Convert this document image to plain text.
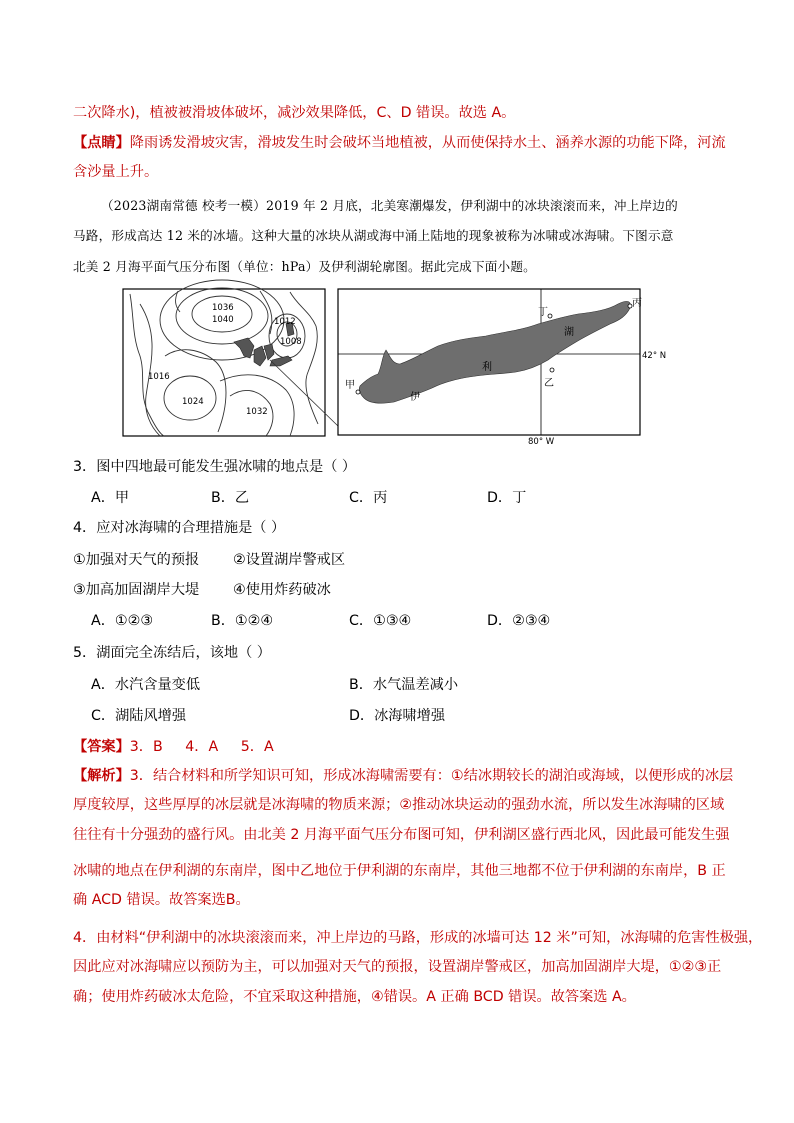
二次降水)，植被被滑坡体破坏，减沙效果降低，C、D 错误。故选 A。
【点睛】降雨诱发滑坡灾害，滑坡发生时会破坏当地植被，从而使保持水土、涵养水源的功能下降，河流
含沙量上升。
（2023湖南常德 校考一模）2019 年 2 月底，北美寒潮爆发，伊利湖中的冰块滚滚而来，冲上岸边的
马路，形成高达 12 米的冰墙。这种大量的冰块从湖或海中涌上陆地的现象被称为冰啸或冰海啸。下图示意
北美 2 月海平面气压分布图（单位：hPa）及伊利湖轮廓图。据此完成下面小题。
1036
1040	1012
1008
1016
1024
1032
甲	乙
丙
丁
湖
利
伊
42° N
80° W
3．图中四地最可能发生强冰啸的地点是（ ）
A．甲	B．乙	C．丙	D．丁
4．应对冰海啸的合理措施是（ ）
①加强对天气的预报 ②设置湖岸警戒区
③加高加固湖岸大堤 ④使用炸药破冰
A．①②③	B．①②④	C．①③④	D．②③④
5．湖面完全冻结后，该地（ ）
A．水汽含量变低	B．水气温差减小
C．湖陆风增强	D．冰海啸增强
【答案】3．B     4．A     5．A
【解析】3．结合材料和所学知识可知，形成冰海啸需要有：①结冰期较长的湖泊或海域，以便形成的冰层
厚度较厚，这些厚厚的冰层就是冰海啸的物质来源；②推动冰块运动的强劲水流，所以发生冰海啸的区域
往往有十分强劲的盛行风。由北美 2 月海平面气压分布图可知，伊利湖区盛行西北风，因此最可能发生强
冰啸的地点在伊利湖的东南岸，图中乙地位于伊利湖的东南岸，其他三地都不位于伊利湖的东南岸，B 正
确 ACD 错误。故答案选B。
4．由材料“伊利湖中的冰块滚滚而来，冲上岸边的马路，形成的冰墙可达 12 米”可知，冰海啸的危害性极强，
因此应对冰海啸应以预防为主，可以加强对天气的预报，设置湖岸警戒区，加高加固湖岸大堤，①②③正
确；使用炸药破冰太危险，不宜采取这种措施，④错误。A 正确 BCD 错误。故答案选 A。
